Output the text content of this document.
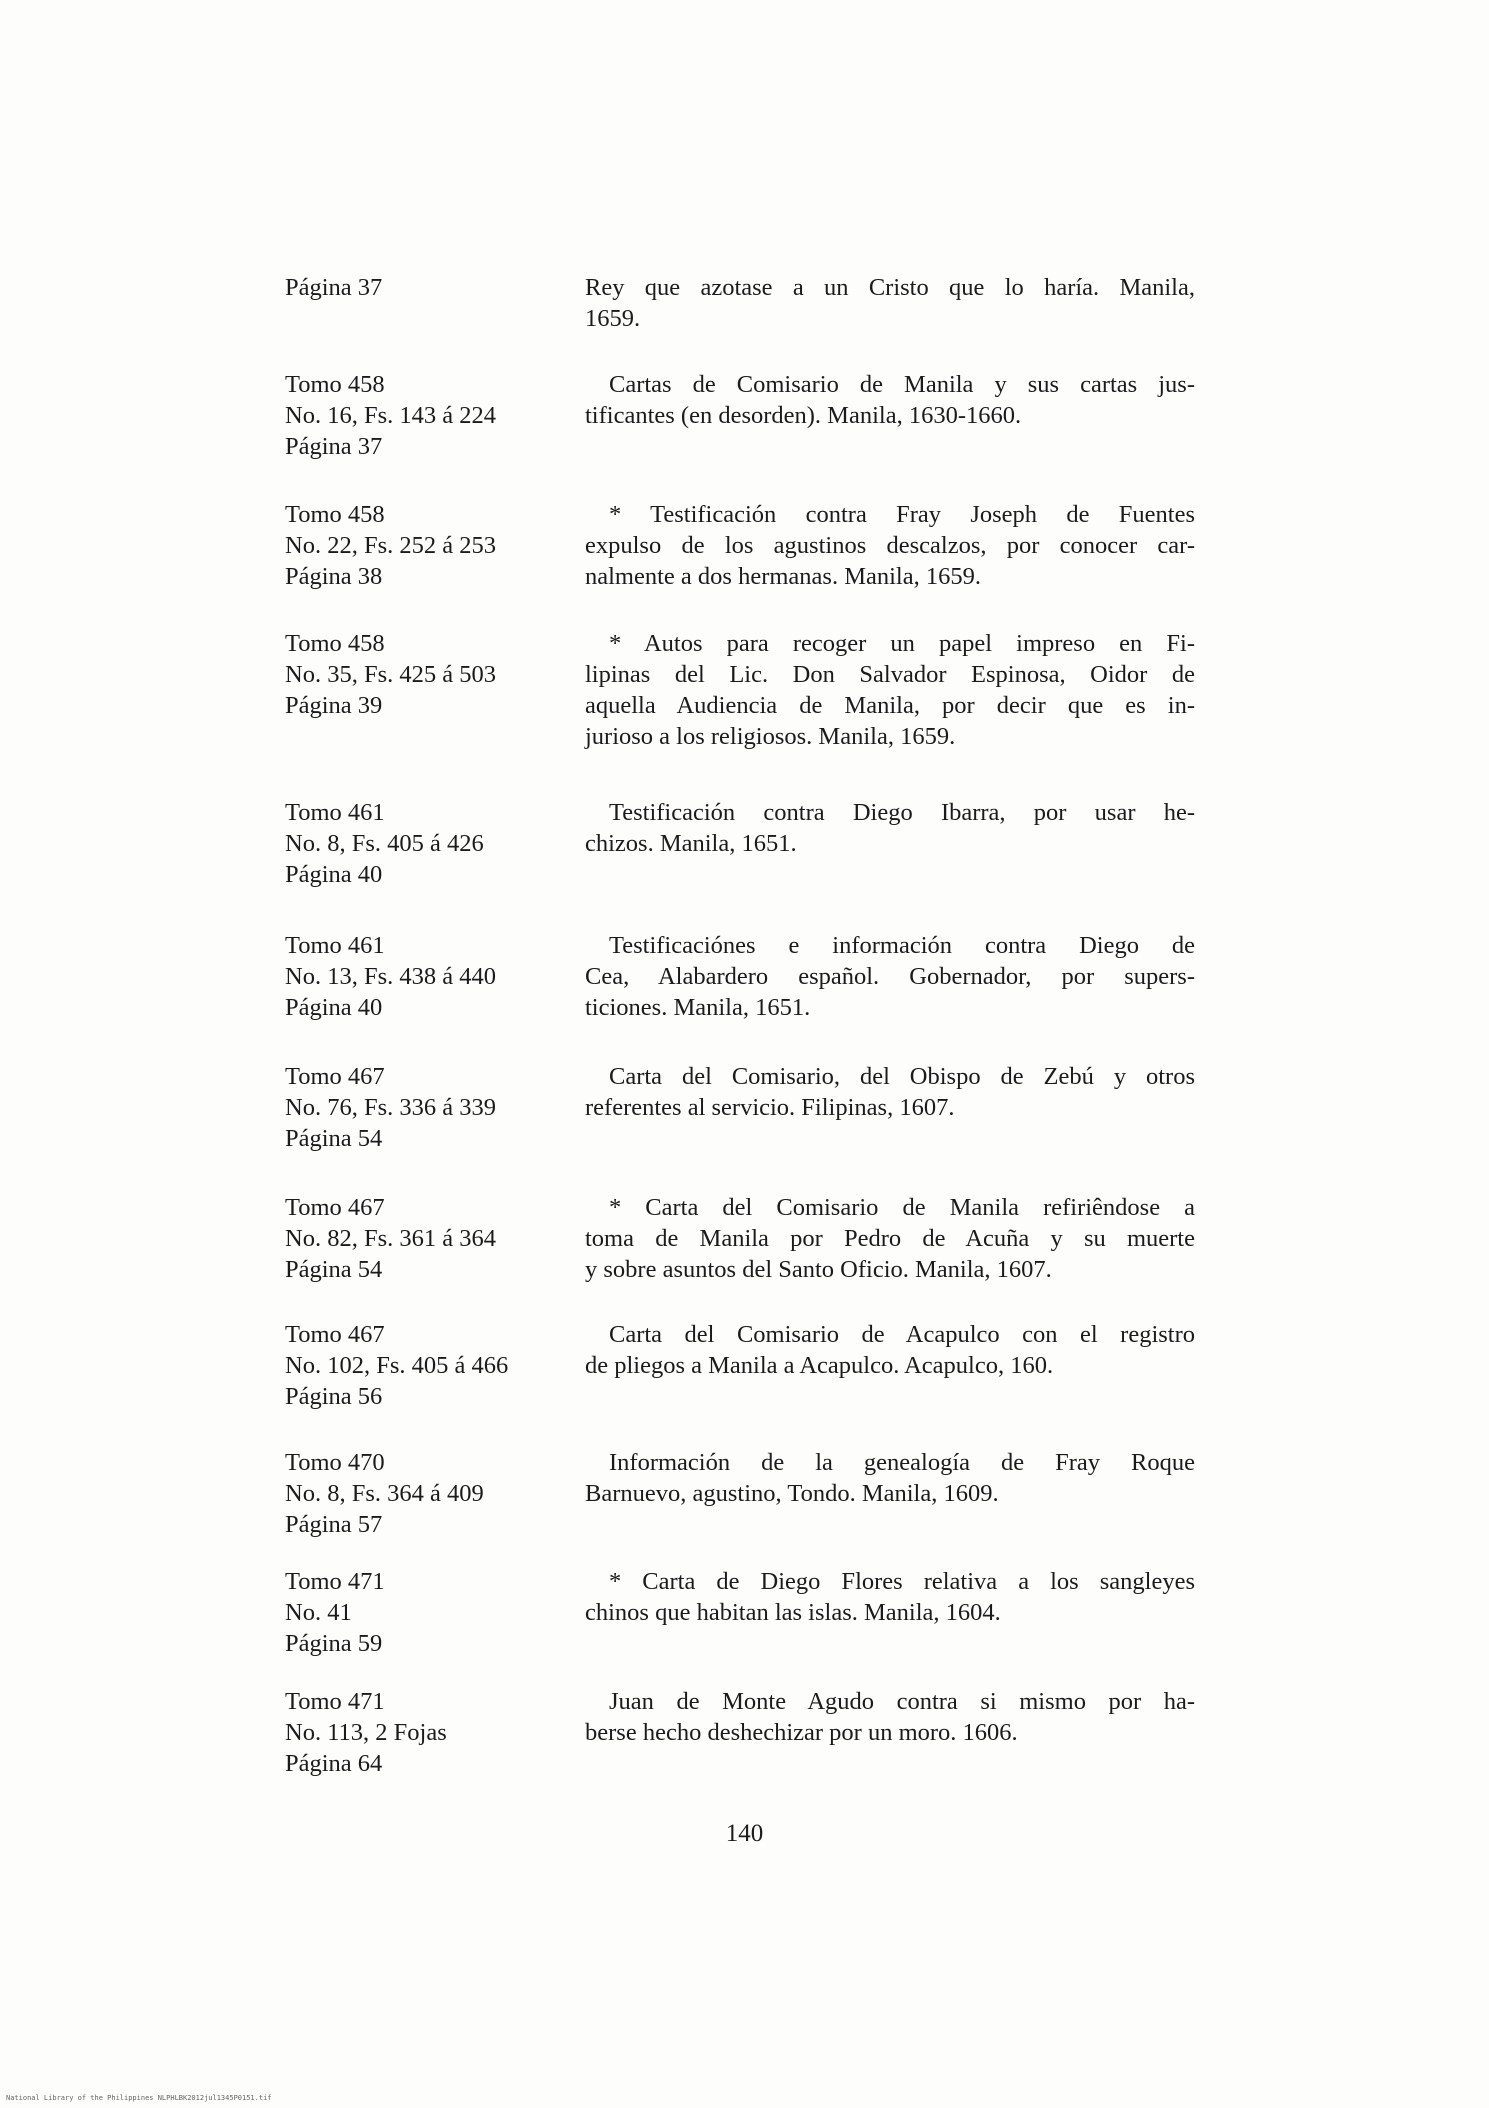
Página 37	Rey que azotase a un Cristo que lo haría. Manila,
1659.
Tomo 458
No. 16, Fs. 143 á 224
Página 37
Cartas de Comisario de Manila y sus cartas jus-
tificantes (en desorden). Manila, 1630-1660.
Tomo 458
No. 22, Fs. 252 á 253
Página 38
* Testificación contra Fray Joseph de Fuentes
expulso de los agustinos descalzos, por conocer car-
nalmente a dos hermanas. Manila, 1659.
Tomo 458
No. 35, Fs. 425 á 503
Página 39
* Autos para recoger un papel impreso en Fi-
lipinas del Lic. Don Salvador Espinosa, Oidor de
aquella Audiencia de Manila, por decir que es in-
jurioso a los religiosos. Manila, 1659.
Tomo 461
No. 8, Fs. 405 á 426
Página 40
Testificación contra Diego Ibarra, por usar he-
chizos. Manila, 1651.
Tomo 461
No. 13, Fs. 438 á 440
Página 40
Testificaciónes e información contra Diego de
Cea, Alabardero español. Gobernador, por supers-
ticiones. Manila, 1651.
Tomo 467
No. 76, Fs. 336 á 339
Página 54
Carta del Comisario, del Obispo de Zebú y otros
referentes al servicio. Filipinas, 1607.
Tomo 467
No. 82, Fs. 361 á 364
Página 54
* Carta del Comisario de Manila refiriêndose a
toma de Manila por Pedro de Acuña y su muerte
y sobre asuntos del Santo Oficio. Manila, 1607.
Tomo 467
No. 102, Fs. 405 á 466
Página 56
Carta del Comisario de Acapulco con el registro
de pliegos a Manila a Acapulco. Acapulco, 160.
Tomo 470
No. 8, Fs. 364 á 409
Página 57
Información de la genealogía de Fray Roque
Barnuevo, agustino, Tondo. Manila, 1609.
Tomo 471
No. 41
Página 59
* Carta de Diego Flores relativa a los sangleyes
chinos que habitan las islas. Manila, 1604.
Tomo 471
No. 113, 2 Fojas
Página 64
Juan de Monte Agudo contra si mismo por ha-
berse hecho deshechizar por un moro. 1606.
140
National Library of the Philippines NLPHLBK2012jul1345P0151.tif
